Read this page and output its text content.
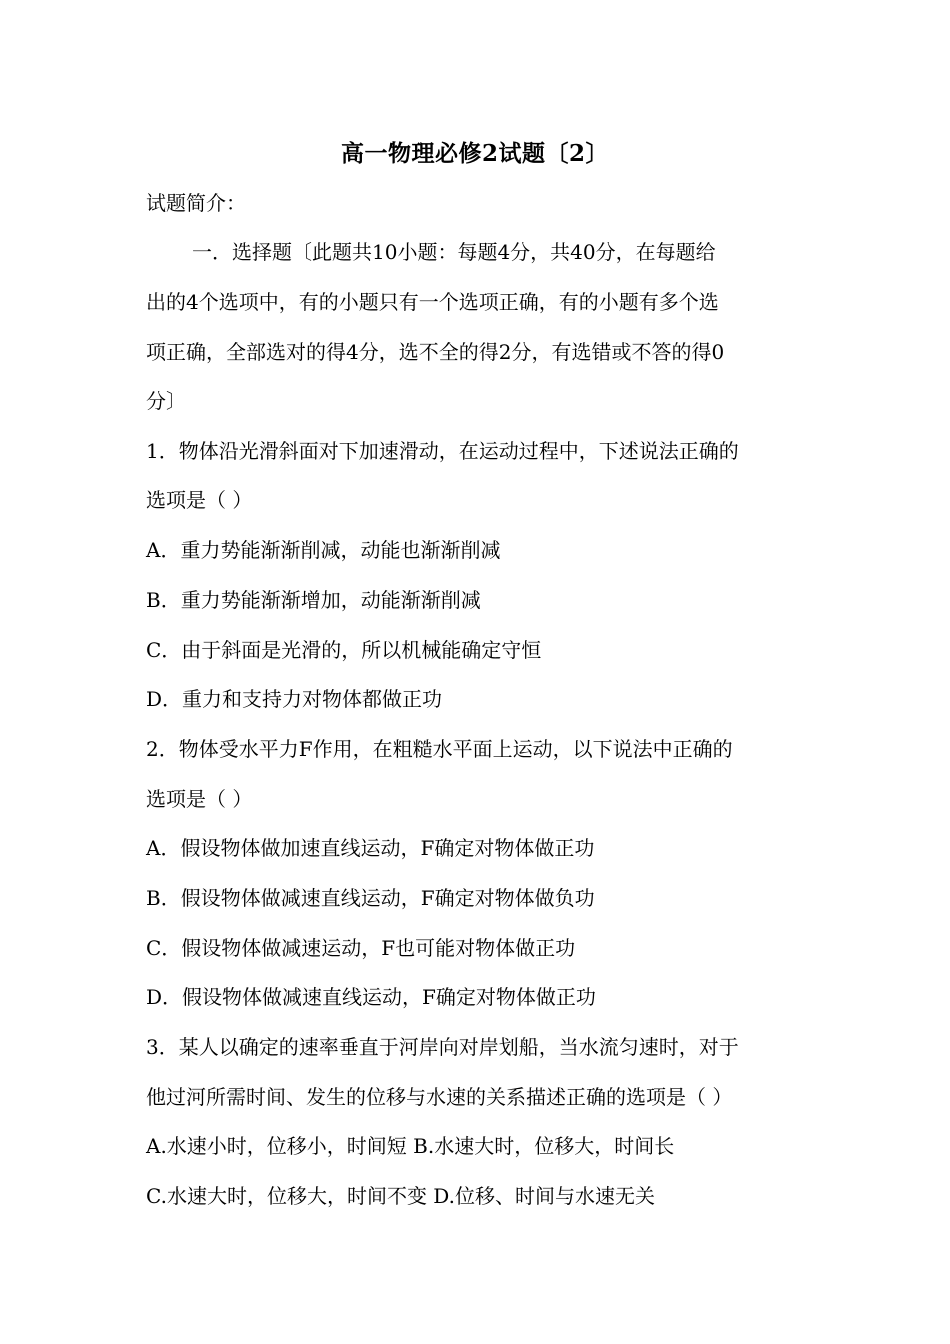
高一物理必修2试题〔2〕
试题简介：
一．选择题〔此题共10小题：每题4分，共40分，在每题给
出的4个选项中，有的小题只有一个选项正确，有的小题有多个选
项正确，全部选对的得4分，选不全的得2分，有选错或不答的得0
分〕
1．物体沿光滑斜面对下加速滑动，在运动过程中，下述说法正确的
选项是（ ）
A．重力势能渐渐削减，动能也渐渐削减
B．重力势能渐渐增加，动能渐渐削减
C．由于斜面是光滑的，所以机械能确定守恒
D．重力和支持力对物体都做正功
2．物体受水平力F作用，在粗糙水平面上运动，以下说法中正确的
选项是（ ）
A．假设物体做加速直线运动，F确定对物体做正功
B．假设物体做减速直线运动，F确定对物体做负功
C．假设物体做减速运动，F也可能对物体做正功
D．假设物体做减速直线运动，F确定对物体做正功
3．某人以确定的速率垂直于河岸向对岸划船，当水流匀速时，对于
他过河所需时间、发生的位移与水速的关系描述正确的选项是（ ）
A.水速小时，位移小，时间短 B.水速大时，位移大，时间长
C.水速大时，位移大，时间不变 D.位移、时间与水速无关
